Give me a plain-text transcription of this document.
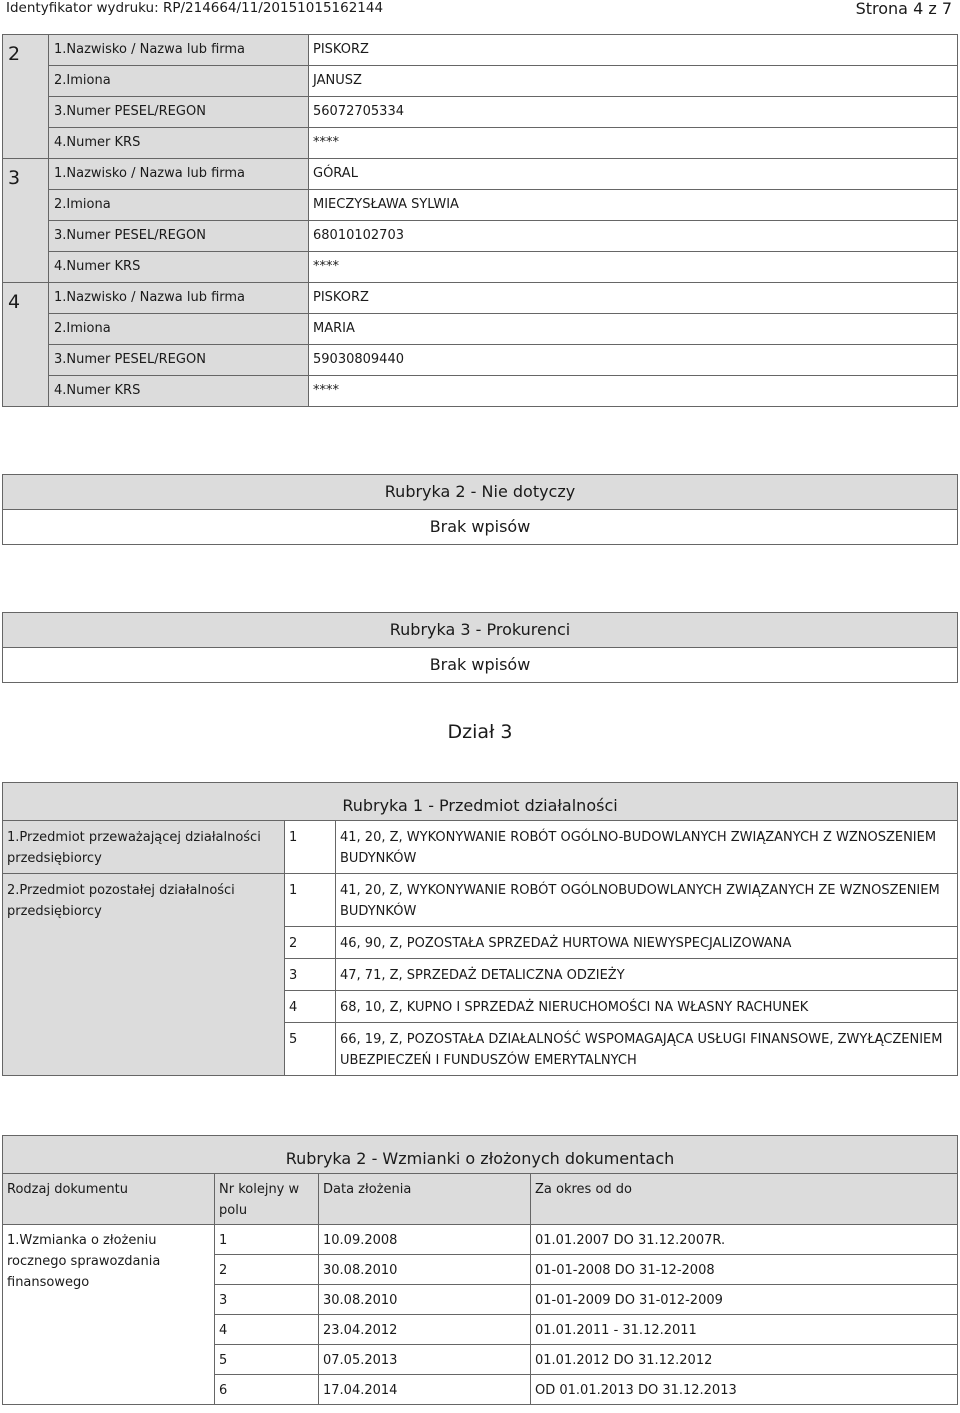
Identyfikator wydruku: RP/214664/11/20151015162144	Strona 4 z 7
2	1.Nazwisko / Nazwa lub firma	PISKORZ
	2.Imiona	JANUSZ
	3.Numer PESEL/REGON	56072705334
	4.Numer KRS	****
3	1.Nazwisko / Nazwa lub firma	GÓRAL
	2.Imiona	MIECZYSŁAWA SYLWIA
	3.Numer PESEL/REGON	68010102703
	4.Numer KRS	****
4	1.Nazwisko / Nazwa lub firma	PISKORZ
	2.Imiona	MARIA
	3.Numer PESEL/REGON	59030809440
	4.Numer KRS	****
Rubryka 2 - Nie dotyczy
Brak wpisów
Rubryka 3 - Prokurenci
Brak wpisów
Dział 3
Rubryka 1 - Przedmiot działalności		
1.Przedmiot przeważającej działalności przedsiębiorcy	1	41, 20, Z, WYKONYWANIE ROBÓT OGÓLNO-BUDOWLANYCH ZWIĄZANYCH Z WZNOSZENIEM BUDYNKÓW
2.Przedmiot pozostałej działalności przedsiębiorcy	1	41, 20, Z, WYKONYWANIE ROBÓT OGÓLNOBUDOWLANYCH ZWIĄZANYCH ZE WZNOSZENIEM BUDYNKÓW
	2	46, 90, Z, POZOSTAŁA SPRZEDAŻ HURTOWA NIEWYSPECJALIZOWANA
	3	47, 71, Z, SPRZEDAŻ DETALICZNA ODZIEŻY
	4	68, 10, Z, KUPNO I SPRZEDAŻ NIERUCHOMOŚCI NA WŁASNY RACHUNEK
	5	66, 19, Z, POZOSTAŁA DZIAŁALNOŚĆ WSPOMAGAJĄCA USŁUGI FINANSOWE, ZWYŁĄCZENIEM UBEZPIECZEŃ I FUNDUSZÓW EMERYTALNYCH
Rubryka 2 - Wzmianki o złożonych dokumentach			
Rodzaj dokumentu	Nr kolejny w polu	Data złożenia	Za okres od do
1.Wzmianka o złożeniu rocznego sprawozdania finansowego	1	10.09.2008	01.01.2007 DO 31.12.2007R.
	2	30.08.2010	01-01-2008 DO 31-12-2008
	3	30.08.2010	01-01-2009 DO 31-012-2009
	4	23.04.2012	01.01.2011 - 31.12.2011
	5	07.05.2013	01.01.2012 DO 31.12.2012
	6	17.04.2014	OD 01.01.2013 DO 31.12.2013
